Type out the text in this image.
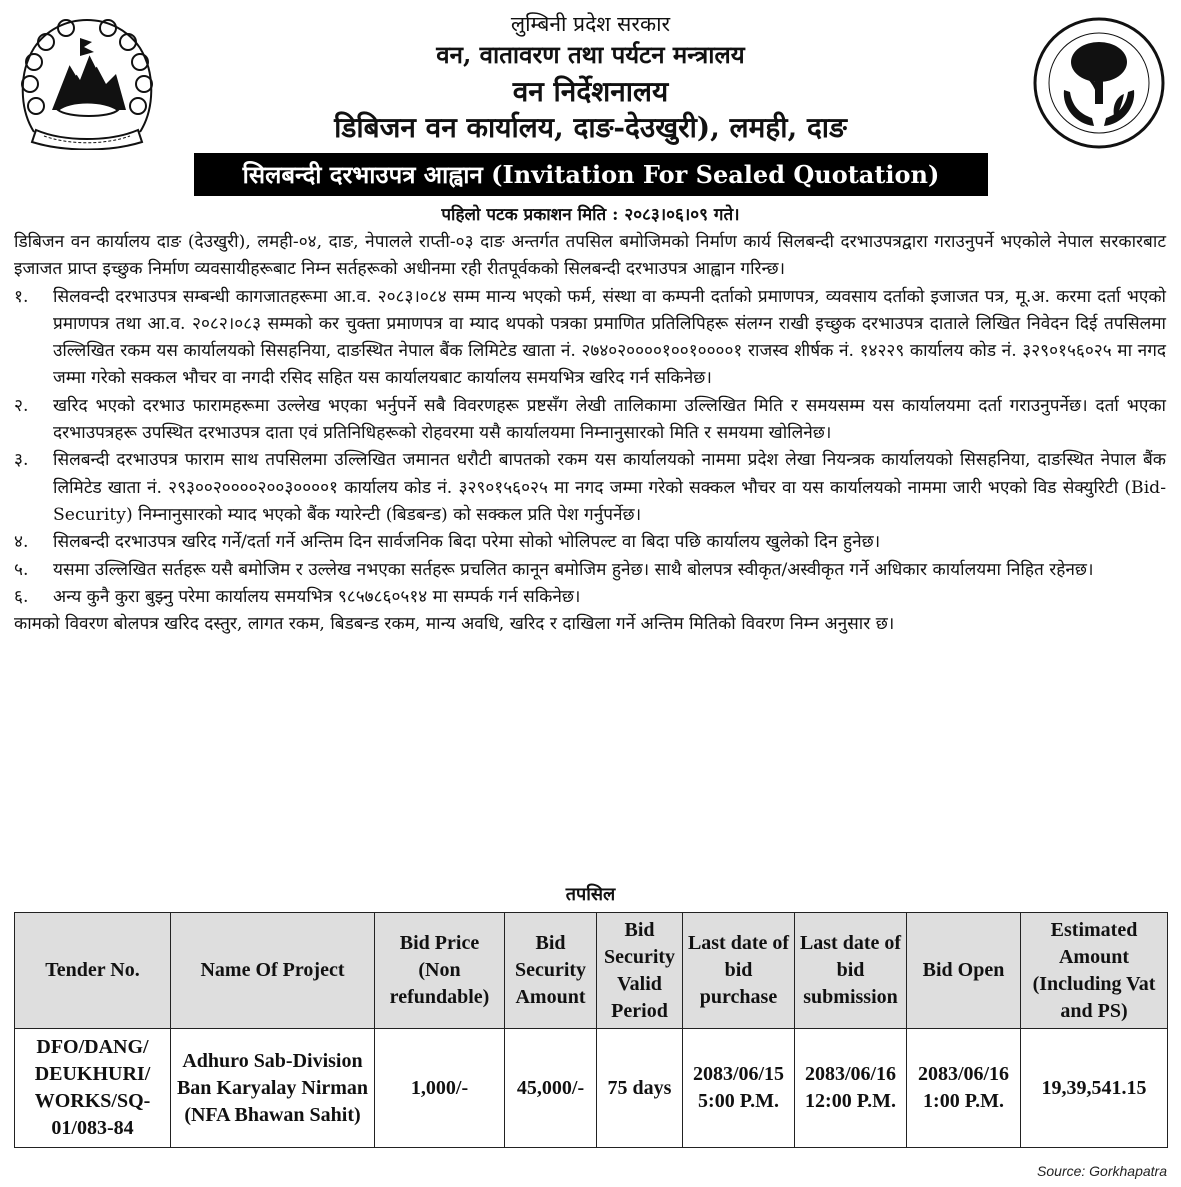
लुम्बिनी प्रदेश सरकार
वन, वातावरण तथा पर्यटन मन्त्रालय
वन निर्देशनालय
डिबिजन वन कार्यालय, दाङ-देउखुरी), लमही, दाङ
सिलबन्दी दरभाउपत्र आह्वान (Invitation For Sealed Quotation)
पहिलो पटक प्रकाशन मिति : २०८३।०६।०९ गते।

डिबिजन वन कार्यालय दाङ (देउखुरी), लमही-०४, दाङ, नेपालले राप्ती-०३ दाङ अन्तर्गत तपसिल बमोजिमको निर्माण कार्य सिलबन्दी दरभाउपत्रद्वारा गराउनुपर्ने भएकोले नेपाल सरकारबाट इजाजत प्राप्त इच्छुक निर्माण व्यवसायीहरूबाट निम्न सर्तहरूको अधीनमा रही रीतपूर्वकको सिलबन्दी दरभाउपत्र आह्वान गरिन्छ।

१. सिलवन्दी दरभाउपत्र सम्बन्धी कागजातहरूमा आ.व. २०८३।०८४ सम्म मान्य भएको फर्म, संस्था वा कम्पनी दर्ताको प्रमाणपत्र, व्यवसाय दर्ताको इजाजत पत्र, मू.अ. करमा दर्ता भएको प्रमाणपत्र तथा आ.व. २०८२।०८३ सम्मको कर चुक्ता प्रमाणपत्र वा म्याद थपको पत्रका प्रमाणित प्रतिलिपिहरू संलग्न राखी इच्छुक दरभाउपत्र दाताले लिखित निवेदन दिई तपसिलमा उल्लिखित रकम यस कार्यालयको सिसहनिया, दाङस्थित नेपाल बैंक लिमिटेड खाता नं. २७४०२००००१००१००००१ राजस्व शीर्षक नं. १४२२९ कार्यालय कोड नं. ३२९०१५६०२५ मा नगद जम्मा गरेको सक्कल भौचर वा नगदी रसिद सहित यस कार्यालयबाट कार्यालय समयभित्र खरिद गर्न सकिनेछ।
२. खरिद भएको दरभाउ फारामहरूमा उल्लेख भएका भर्नुपर्ने सबै विवरणहरू प्रष्टसँग लेखी तालिकामा उल्लिखित मिति र समयसम्म यस कार्यालयमा दर्ता गराउनुपर्नेछ। दर्ता भएका दरभाउपत्रहरू उपस्थित दरभाउपत्र दाता एवं प्रतिनिधिहरूको रोहवरमा यसै कार्यालयमा निम्नानुसारको मिति र समयमा खोलिनेछ।
३. सिलबन्दी दरभाउपत्र फाराम साथ तपसिलमा उल्लिखित जमानत धरौटी बापतको रकम यस कार्यालयको नाममा प्रदेश लेखा नियन्त्रक कार्यालयको सिसहनिया, दाङस्थित नेपाल बैंक लिमिटेड खाता नं. २९३००२००००२००३००००१ कार्यालय कोड नं. ३२९०१५६०२५ मा नगद जम्मा गरेको सक्कल भौचर वा यस कार्यालयको नाममा जारी भएको विड सेक्युरिटी (Bid-Security) निम्नानुसारको म्याद भएको बैंक ग्यारेन्टी (बिडबन्ड) को सक्कल प्रति पेश गर्नुपर्नेछ।
४. सिलबन्दी दरभाउपत्र खरिद गर्ने/दर्ता गर्ने अन्तिम दिन सार्वजनिक बिदा परेमा सोको भोलिपल्ट वा बिदा पछि कार्यालय खुलेको दिन हुनेछ।
५. यसमा उल्लिखित सर्तहरू यसै बमोजिम र उल्लेख नभएका सर्तहरू प्रचलित कानून बमोजिम हुनेछ। साथै बोलपत्र स्वीकृत/अस्वीकृत गर्ने अधिकार कार्यालयमा निहित रहेनछ।
६. अन्य कुनै कुरा बुझ्नु परेमा कार्यालय समयभित्र ९८५७८६०५१४ मा सम्पर्क गर्न सकिनेछ।

कामको विवरण बोलपत्र खरिद दस्तुर, लागत रकम, बिडबन्ड रकम, मान्य अवधि, खरिद र दाखिला गर्ने अन्तिम मितिको विवरण निम्न अनुसार छ।

तपसिल
Tender No.	Name Of Project	Bid Price (Non refundable)	Bid Security Amount	Bid Security Valid Period	Last date of bid purchase	Last date of bid submission	Bid Open	Estimated Amount (Including Vat and PS)
DFO/DANG/ DEUKHURI/ WORKS/SQ-01/083-84	Adhuro Sab-Division Ban Karyalay Nirman (NFA Bhawan Sahit)	1,000/-	45,000/-	75 days	2083/06/15 5:00 P.M.	2083/06/16 12:00 P.M.	2083/06/16 1:00 P.M.	19,39,541.15
Source: Gorkhapatra
